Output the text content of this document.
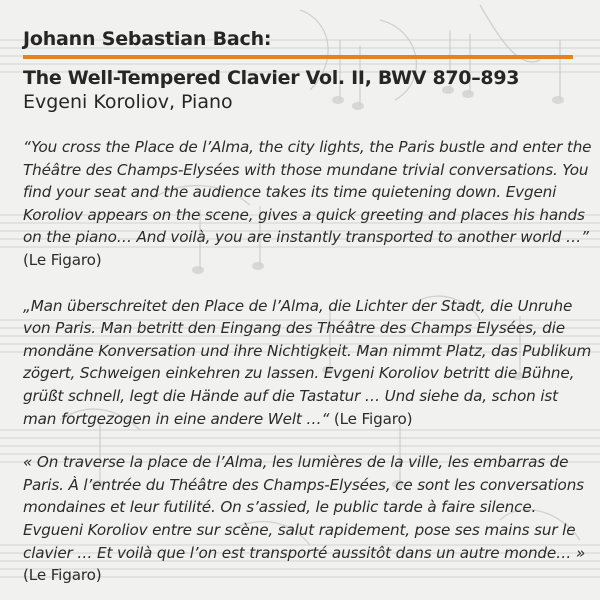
Johann Sebastian Bach:
The Well-Tempered Clavier Vol. II, BWV 870–893
Evgeni Koroliov, Piano
“You cross the Place de l’Alma, the city lights, the Paris bustle and enter the Théâtre des Champs-Elysées with those mundane trivial conversations. You find your seat and the audience takes its time quietening down. Evgeni Koroliov appears on the scene, gives a quick greeting and places his hands on the piano… And voilà, you are instantly transported to another world …” (Le Figaro)
„Man überschreitet den Place de l’Alma, die Lichter der Stadt, die Unruhe von Paris. Man betritt den Eingang des Théâtre des Champs Elysées, die mondäne Konversation und ihre Nichtigkeit. Man nimmt Platz, das Publikum zögert, Schweigen einkehren zu lassen. Evgeni Koroliov betritt die Bühne, grüßt schnell, legt die Hände auf die Tastatur … Und siehe da, schon ist man fortgezogen in eine andere Welt …“ (Le Figaro)
« On traverse la place de l’Alma, les lumières de la ville, les embarras de Paris. À l’entrée du Théâtre des Champs-Elysées, ce sont les conversations mondaines et leur futilité. On s’assied, le public tarde à faire silence. Evgueni Koroliov entre sur scène, salut rapidement, pose ses mains sur le clavier … Et voilà que l’on est transporté aussitôt dans un autre monde… » (Le Figaro)
